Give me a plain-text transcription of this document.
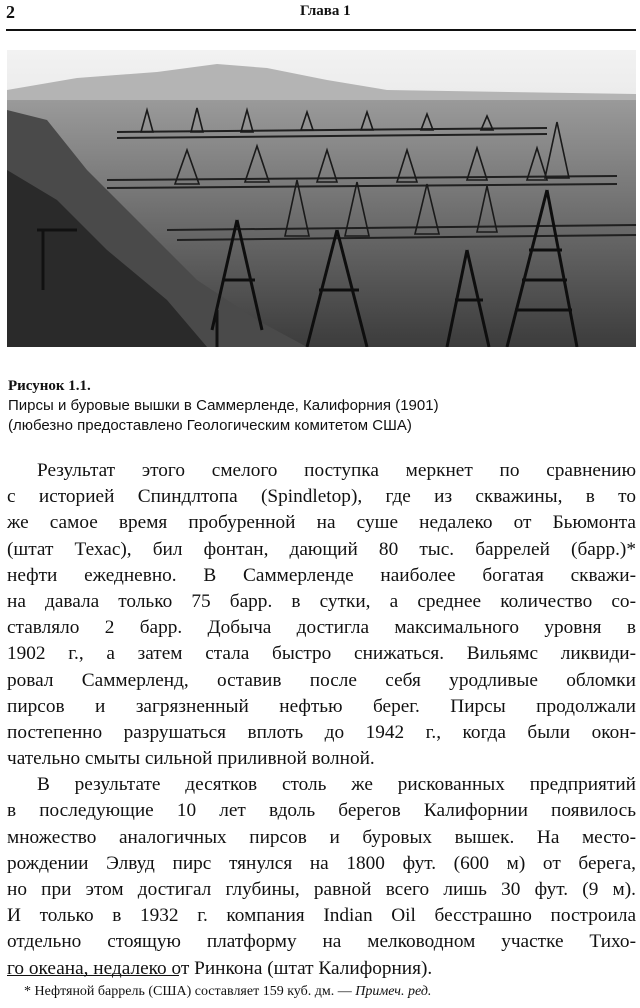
2	Глава 1
Рисунок 1.1.
Пирсы и буровые вышки в Саммерленде, Калифорния (1901)
(любезно предоставлено Геологическим комитетом США)
Результат этого смелого поступка меркнет по сравнению
с историей Спиндлтопа (Spindletop), где из скважины, в то
же самое время пробуренной на суше недалеко от Бьюмонта
(штат Техас), бил фонтан, дающий 80 тыс. баррелей (барр.)*
нефти ежедневно. В Саммерленде наиболее богатая скважи-
на давала только 75 барр. в сутки, а среднее количество со-
ставляло 2 барр. Добыча достигла максимального уровня в
1902 г., а затем стала быстро снижаться. Вильямс ликвиди-
ровал Саммерленд, оставив после себя уродливые обломки
пирсов и загрязненный нефтью берег. Пирсы продолжали
постепенно разрушаться вплоть до 1942 г., когда были окон-
чательно смыты сильной приливной волной.
В результате десятков столь же рискованных предприятий
в последующие 10 лет вдоль берегов Калифорнии появилось
множество аналогичных пирсов и буровых вышек. На место-
рождении Элвуд пирс тянулся на 1800 фут. (600 м) от берега,
но при этом достигал глубины, равной всего лишь 30 фут. (9 м).
И только в 1932 г. компания Indian Oil бесстрашно построила
отдельно стоящую платформу на мелководном участке Тихо-
го океана, недалеко от Ринкона (штат Калифорния).
* Нефтяной баррель (США) составляет 159 куб. дм. — Примеч. ред.
